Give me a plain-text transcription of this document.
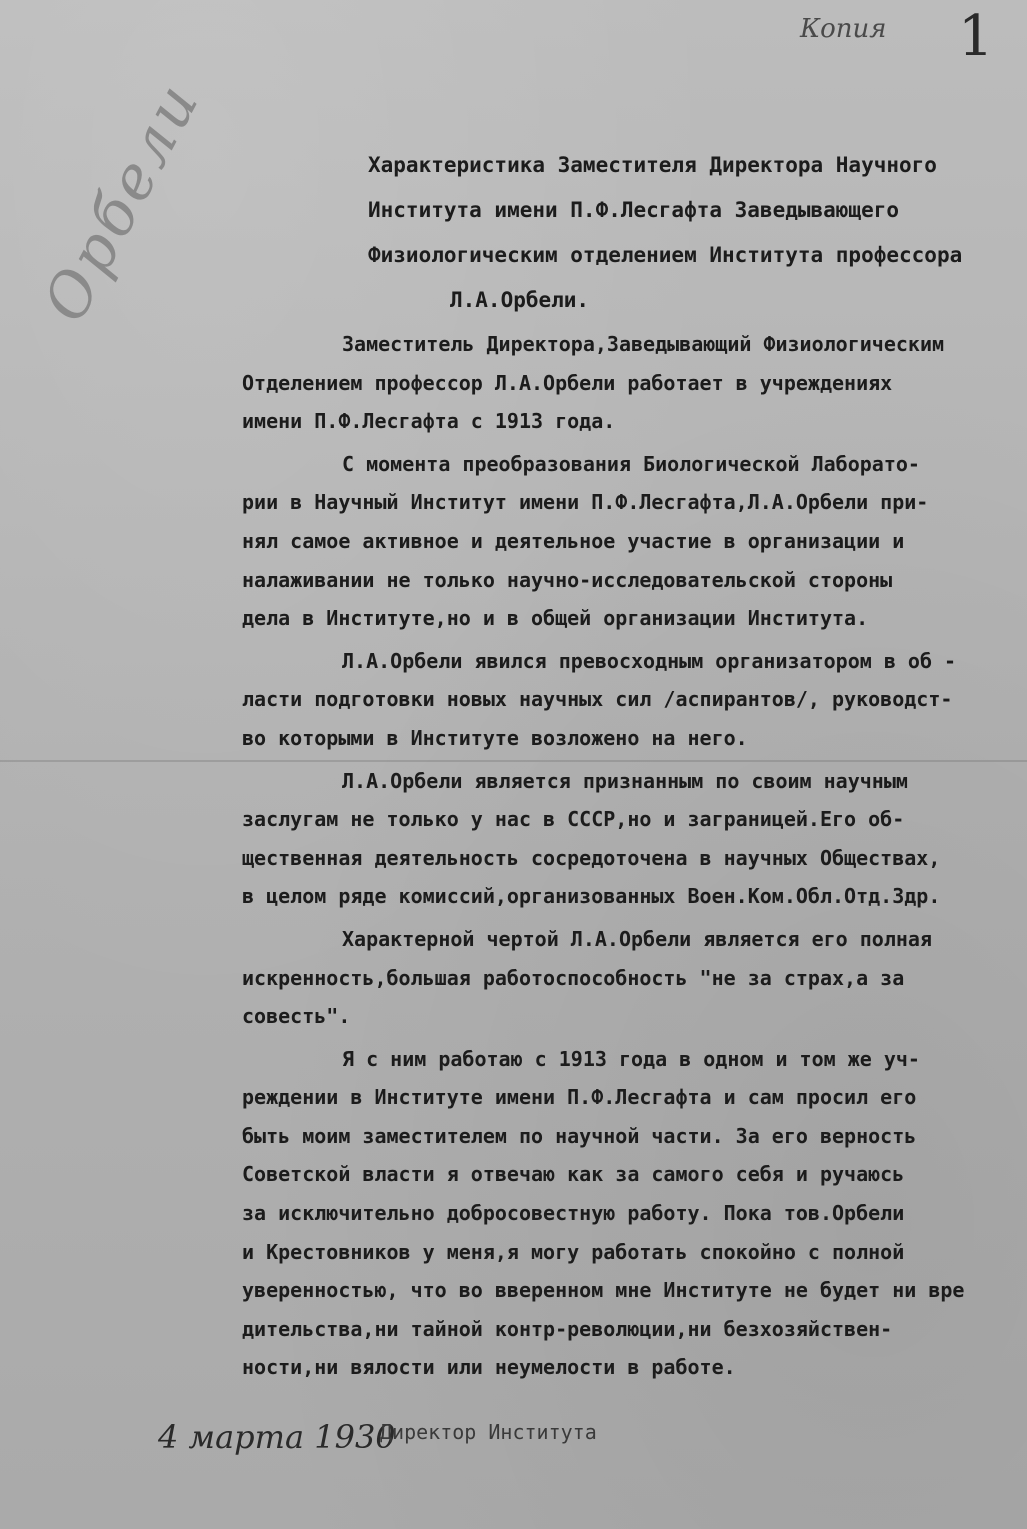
Копия 1
Орбели	Характеристика Заместителя Директора Научного
Института имени П.Ф.Лесгафта Заведывающего
Физиологическим отделением Института профессора
Л.А.Орбели.
Заместитель Директора,Заведывающий Физиологическим
Отделением профессор Л.А.Орбели работает в учреждениях
имени П.Ф.Лесгафта с 1913 года.
С момента преобразования Биологической Лаборато-
рии в Научный Институт имени П.Ф.Лесгафта,Л.А.Орбели при-
нял самое активное и деятельное участие в организации и
налаживании не только научно-исследовательской стороны
дела в Институте,но и в общей организации Института.
Л.А.Орбели явился превосходным организатором в об -
ласти подготовки новых научных сил /аспирантов/, руководст-
во которыми в Институте возложено на него.
Л.А.Орбели является признанным по своим научным
заслугам не только у нас в СССР,но и заграницей.Его об-
щественная деятельность сосредоточена в научных Обществах,
в целом ряде комиссий,организованных Воен.Ком.Обл.Отд.Здр.
Характерной чертой Л.А.Орбели является его полная
искренность,большая работоспособность "не за страх,а за
совесть".
Я с ним работаю с 1913 года в одном и том же уч-
реждении в Институте имени П.Ф.Лесгафта и сам просил его
быть моим заместителем по научной части. За его верность
Советской власти я отвечаю как за самого себя и ручаюсь
за исключительно добросовестную работу. Пока тов.Орбели
и Крестовников у меня,я могу работать спокойно с полной
уверенностью, что во вверенном мне Институте не будет ни вре
дительства,ни тайной контр-революции,ни безхозяйствен-
ности,ни вялости или неумелости в работе.
4 марта 1930
Директор Института
